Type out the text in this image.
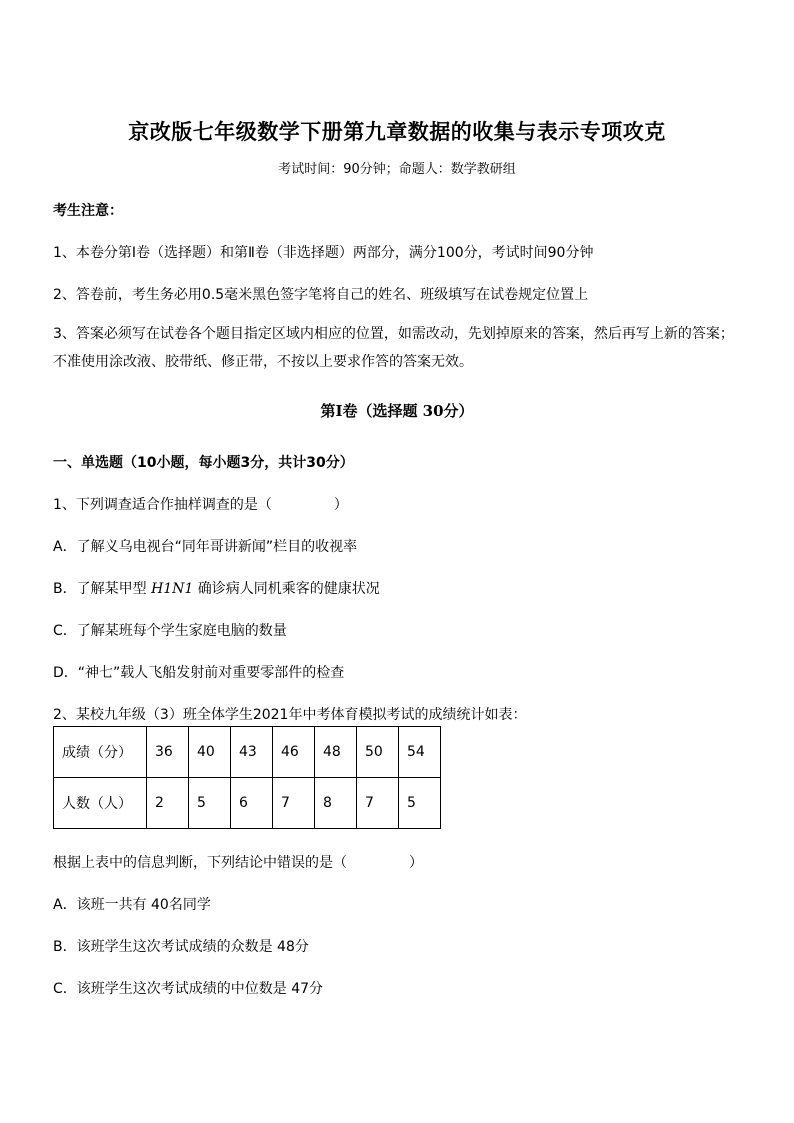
京改版七年级数学下册第九章数据的收集与表示专项攻克
考试时间：90分钟；命题人：数学教研组
考生注意：
1、本卷分第Ⅰ卷（选择题）和第Ⅱ卷（非选择题）两部分，满分100分，考试时间90分钟
2、答卷前，考生务必用0.5毫米黑色签字笔将自己的姓名、班级填写在试卷规定位置上
3、答案必须写在试卷各个题目指定区域内相应的位置，如需改动，先划掉原来的答案，然后再写上新的答案；不准使用涂改液、胶带纸、修正带，不按以上要求作答的答案无效。
第Ⅰ卷（选择题 30分）
一、单选题（10小题，每小题3分，共计30分）
1、下列调查适合作抽样调查的是（	）
A．了解义乌电视台“同年哥讲新闻”栏目的收视率
B．了解某甲型 H1N1 确诊病人同机乘客的健康状况
C．了解某班每个学生家庭电脑的数量
D．“神七”载人飞船发射前对重要零部件的检查
2、某校九年级（3）班全体学生2021年中考体育模拟考试的成绩统计如表：
成绩（分）	36	40	43	46	48	50	54
人数（人）	2	5	6	7	8	7	5
根据上表中的信息判断，下列结论中错误的是（	）
A．该班一共有 40名同学
B．该班学生这次考试成绩的众数是 48分
C．该班学生这次考试成绩的中位数是 47分
